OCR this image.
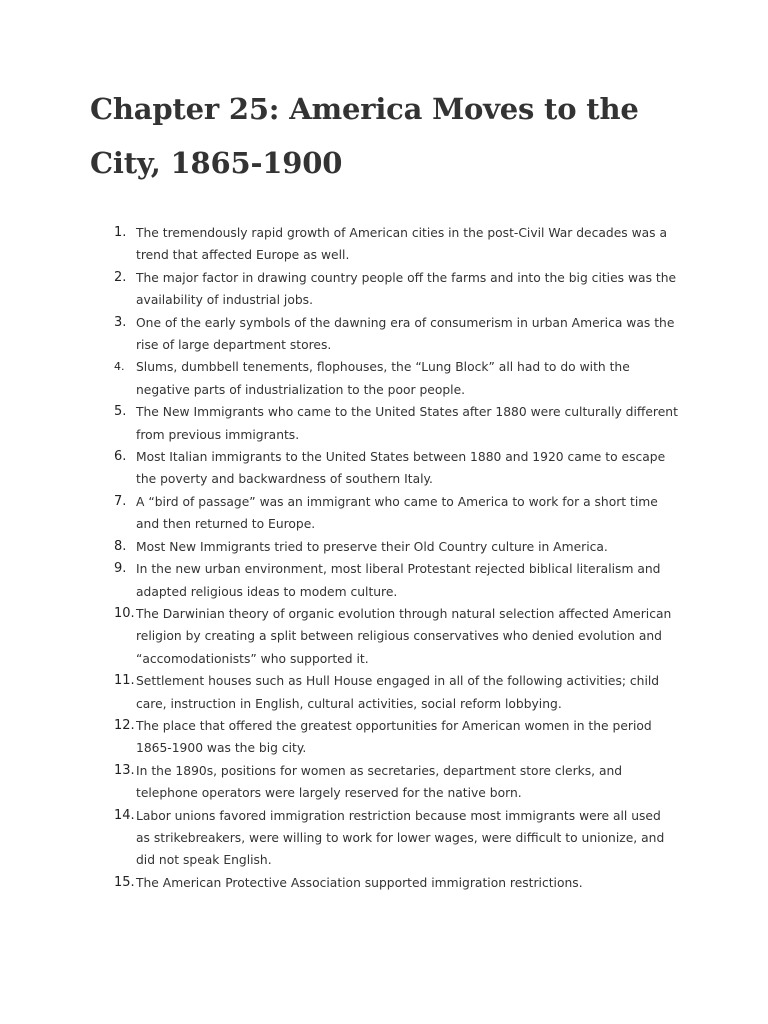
Chapter 25: America Moves to the City, 1865-1900
1. The tremendously rapid growth of American cities in the post-Civil War decades was a trend that affected Europe as well.
2. The major factor in drawing country people off the farms and into the big cities was the availability of industrial jobs.
3. One of the early symbols of the dawning era of consumerism in urban America was the rise of large department stores.
4. Slums, dumbbell tenements, flophouses, the “Lung Block” all had to do with the negative parts of industrialization to the poor people.
5. The New Immigrants who came to the United States after 1880 were culturally different from previous immigrants.
6. Most Italian immigrants to the United States between 1880 and 1920 came to escape the poverty and backwardness of southern Italy.
7. A “bird of passage” was an immigrant who came to America to work for a short time and then returned to Europe.
8. Most New Immigrants tried to preserve their Old Country culture in America.
9. In the new urban environment, most liberal Protestant rejected biblical literalism and adapted religious ideas to modem culture.
10. The Darwinian theory of organic evolution through natural selection affected American religion by creating a split between religious conservatives who denied evolution and “accomodationists” who supported it.
11. Settlement houses such as Hull House engaged in all of the following activities; child care, instruction in English, cultural activities, social reform lobbying.
12. The place that offered the greatest opportunities for American women in the period 1865-1900 was the big city.
13. In the 1890s, positions for women as secretaries, department store clerks, and telephone operators were largely reserved for the native born.
14. Labor unions favored immigration restriction because most immigrants were all used as strikebreakers, were willing to work for lower wages, were difficult to unionize, and did not speak English.
15. The American Protective Association supported immigration restrictions.
